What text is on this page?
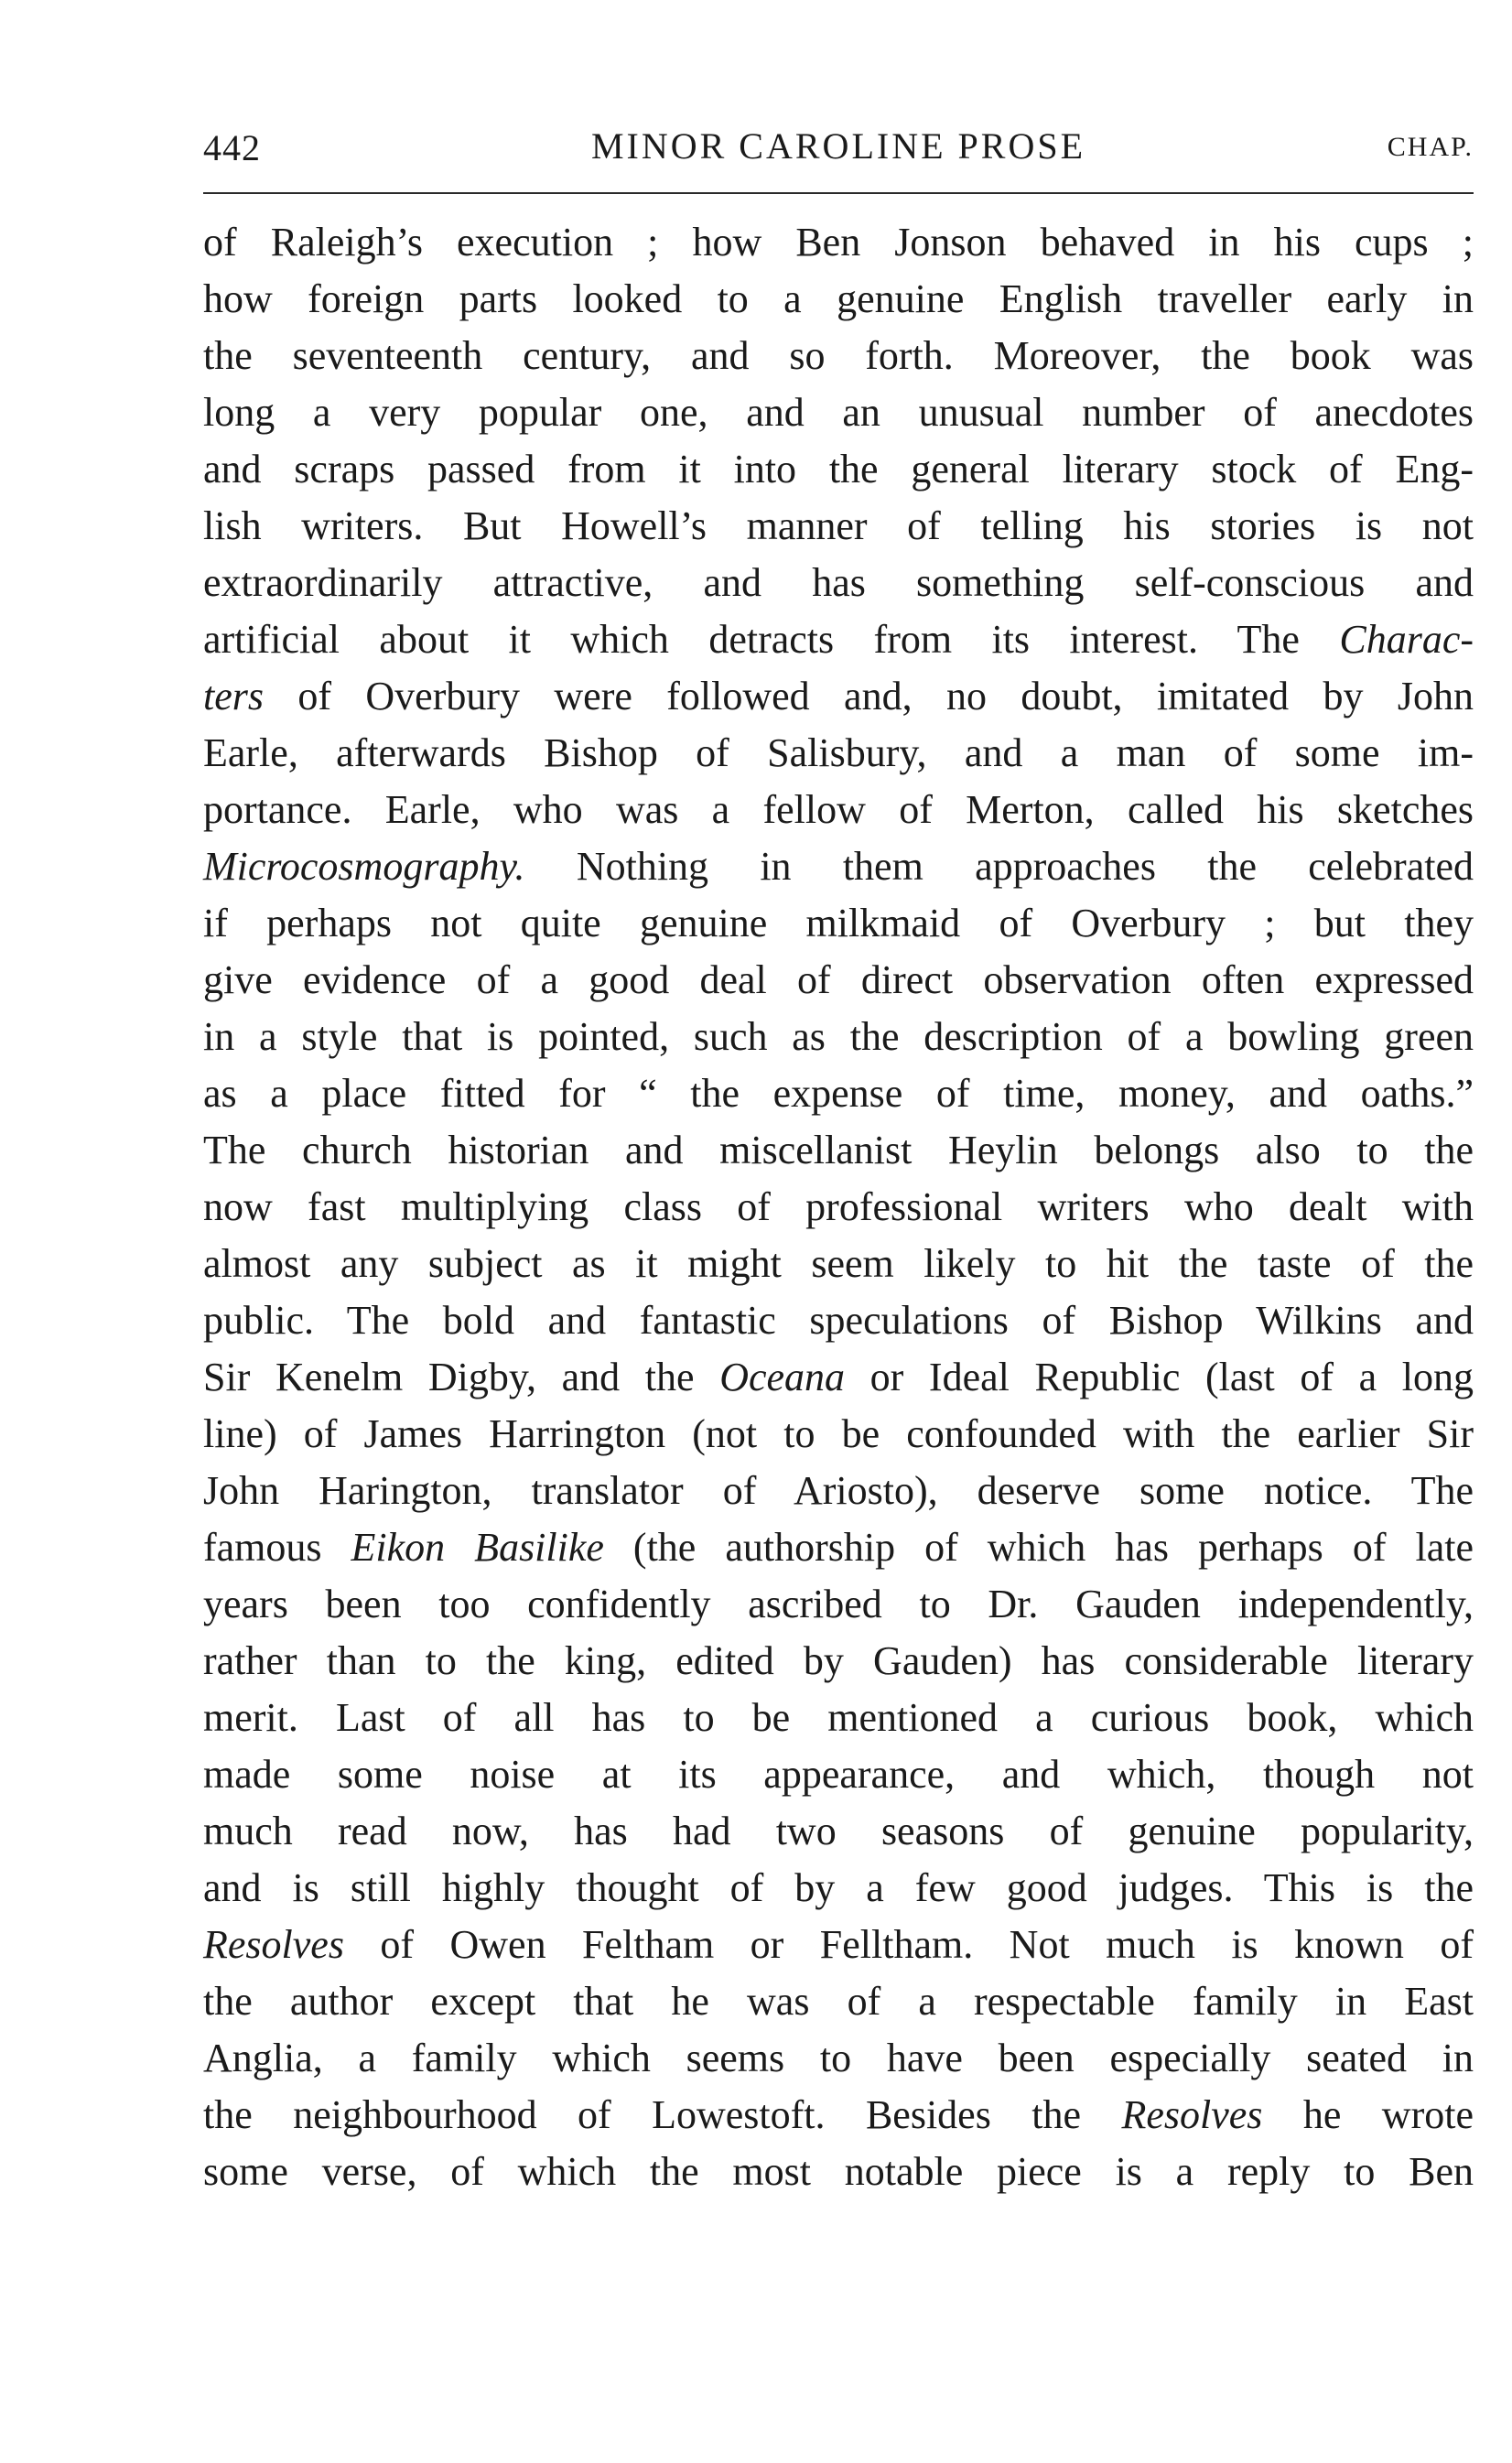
442	MINOR CAROLINE PROSE	CHAP.
of Raleigh’s execution ; how Ben Jonson behaved in his cups ;
how foreign parts looked to a genuine English traveller early in
the seventeenth century, and so forth. Moreover, the book was
long a very popular one, and an unusual number of anecdotes
and scraps passed from it into the general literary stock of Eng-
lish writers. But Howell’s manner of telling his stories is not
extraordinarily attractive, and has something self-conscious and
artificial about it which detracts from its interest. The Charac-
ters of Overbury were followed and, no doubt, imitated by John
Earle, afterwards Bishop of Salisbury, and a man of some im-
portance. Earle, who was a fellow of Merton, called his sketches
Microcosmography. Nothing in them approaches the celebrated
if perhaps not quite genuine milkmaid of Overbury ; but they
give evidence of a good deal of direct observation often expressed
in a style that is pointed, such as the description of a bowling green
as a place fitted for “ the expense of time, money, and oaths.”
The church historian and miscellanist Heylin belongs also to the
now fast multiplying class of professional writers who dealt with
almost any subject as it might seem likely to hit the taste of the
public. The bold and fantastic speculations of Bishop Wilkins and
Sir Kenelm Digby, and the Oceana or Ideal Republic (last of a long
line) of James Harrington (not to be confounded with the earlier Sir
John Harington, translator of Ariosto), deserve some notice. The
famous Eikon Basilike (the authorship of which has perhaps of late
years been too confidently ascribed to Dr. Gauden independently,
rather than to the king, edited by Gauden) has considerable literary
merit. Last of all has to be mentioned a curious book, which
made some noise at its appearance, and which, though not
much read now, has had two seasons of genuine popularity,
and is still highly thought of by a few good judges. This is the
Resolves of Owen Feltham or Felltham. Not much is known of
the author except that he was of a respectable family in East
Anglia, a family which seems to have been especially seated in
the neighbourhood of Lowestoft. Besides the Resolves he wrote
some verse, of which the most notable piece is a reply to Ben
